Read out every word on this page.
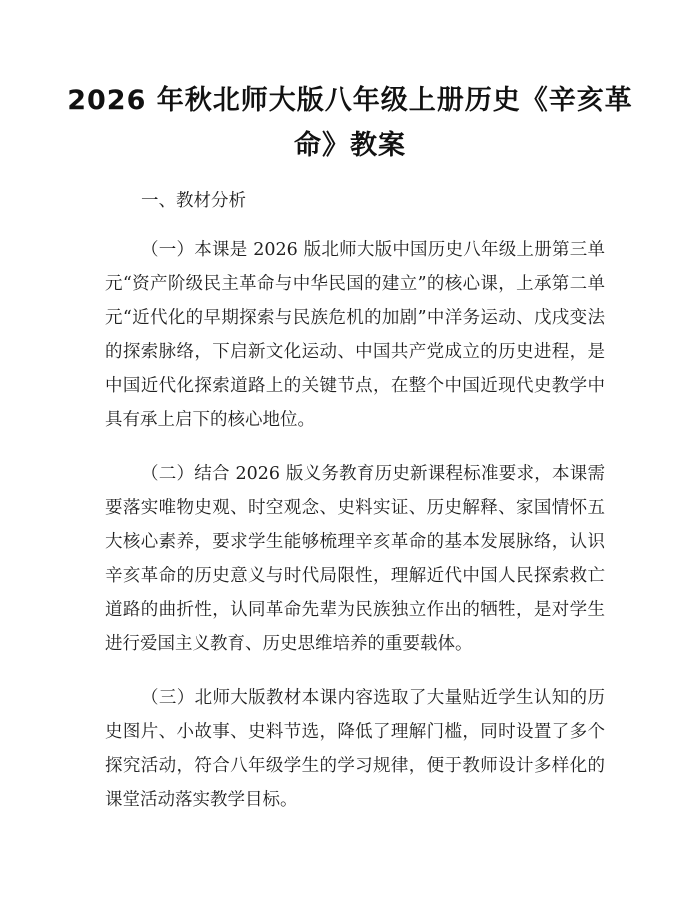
2026 年秋北师大版八年级上册历史《辛亥革
命》教案

一、教材分析

（一）本课是 2026 版北师大版中国历史八年级上册第三单元“资产阶级民主革命与中华民国的建立”的核心课，上承第二单元“近代化的早期探索与民族危机的加剧”中洋务运动、戊戌变法的探索脉络，下启新文化运动、中国共产党成立的历史进程，是中国近代化探索道路上的关键节点，在整个中国近现代史教学中具有承上启下的核心地位。

（二）结合 2026 版义务教育历史新课程标准要求，本课需要落实唯物史观、时空观念、史料实证、历史解释、家国情怀五大核心素养，要求学生能够梳理辛亥革命的基本发展脉络，认识辛亥革命的历史意义与时代局限性，理解近代中国人民探索救亡道路的曲折性，认同革命先辈为民族独立作出的牺牲，是对学生进行爱国主义教育、历史思维培养的重要载体。

（三）北师大版教材本课内容选取了大量贴近学生认知的历史图片、小故事、史料节选，降低了理解门槛，同时设置了多个探究活动，符合八年级学生的学习规律，便于教师设计多样化的课堂活动落实教学目标。
